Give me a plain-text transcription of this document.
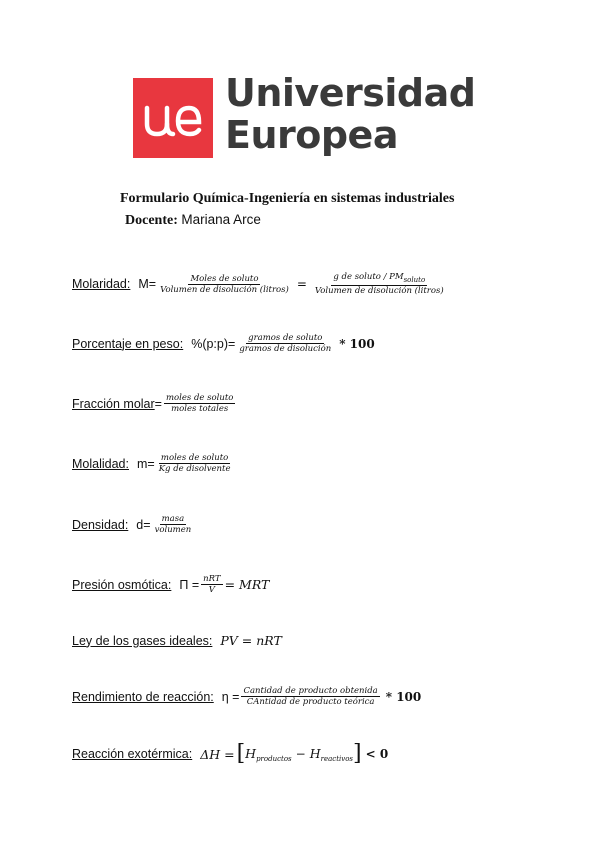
Universidad
Europea
Formulario Química-Ingeniería en sistemas industriales
Docente: Mariana Arce
Molaridad: $M= \frac{\text{Moles de soluto}}{\text{Volumen de disolución (litros)}} = \frac{g de soluto / PM_{soluto}}{\text{Volumen de disolución (litros)}}$
Porcentaje en peso: %(p:p)= $\frac{\text{gramos de soluto}}{\text{gramos de disolución}} * 100$
Fracción molar = $\frac{\text{moles de soluto}}{\text{moles totales}}$
Molalidad: $m= \frac{\text{moles de soluto}}{\text{Kg de disolvente}}$
Densidad: $d= \frac{\text{masa}}{\text{volumen}}$
Presión osmótica: $\Pi = \frac{\text{nRT}}{V}$ = MRT
Ley de los gases ideales: PV = nRT
Rendimiento de reacción: $\eta = \frac{\text{Cantidad de producto obtenida}}{\text{CAntidad de producto teórica}} * 100$
Reacción exotérmica: ΔH = [ $H_{productos} - H_{reactivos}$ ] < 0
